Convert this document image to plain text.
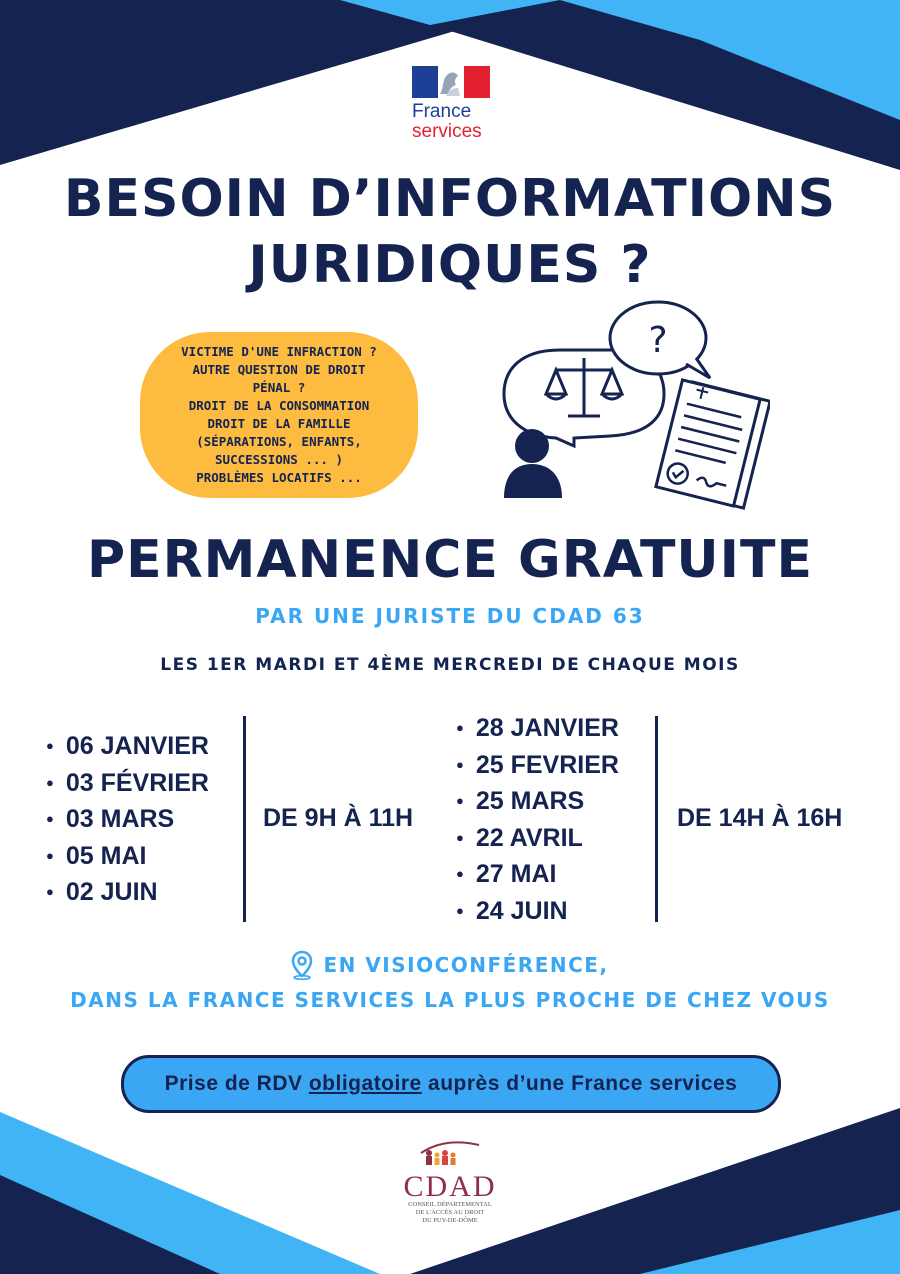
France
services
BESOIN D’INFORMATIONS
JURIDIQUES ?
VICTIME D'UNE INFRACTION ?
AUTRE QUESTION DE DROIT
PÉNAL ?
DROIT DE LA CONSOMMATION
DROIT DE LA FAMILLE
(SÉPARATIONS, ENFANTS,
SUCCESSIONS ... )
PROBLÈMES LOCATIFS ...
?
PERMANENCE GRATUITE
PAR UNE JURISTE DU CDAD 63
LES 1ER MARDI ET 4ÈME MERCREDI DE CHAQUE MOIS
● 06 JANVIER
● 03 FÉVRIER
● 03 MARS
● 05 MAI
● 02 JUIN
DE 9H À 11H
● 28 JANVIER
● 25 FEVRIER
● 25 MARS
● 22 AVRIL
● 27 MAI
● 24 JUIN
DE 14H À 16H
EN VISIOCONFÉRENCE,
DANS LA FRANCE SERVICES LA PLUS PROCHE DE CHEZ VOUS
Prise de RDV obligatoire auprès d’une France services
CDAD
CONSEIL DÉPARTEMENTAL
DE L'ACCÈS AU DROIT
DU PUY-DE-DÔME
